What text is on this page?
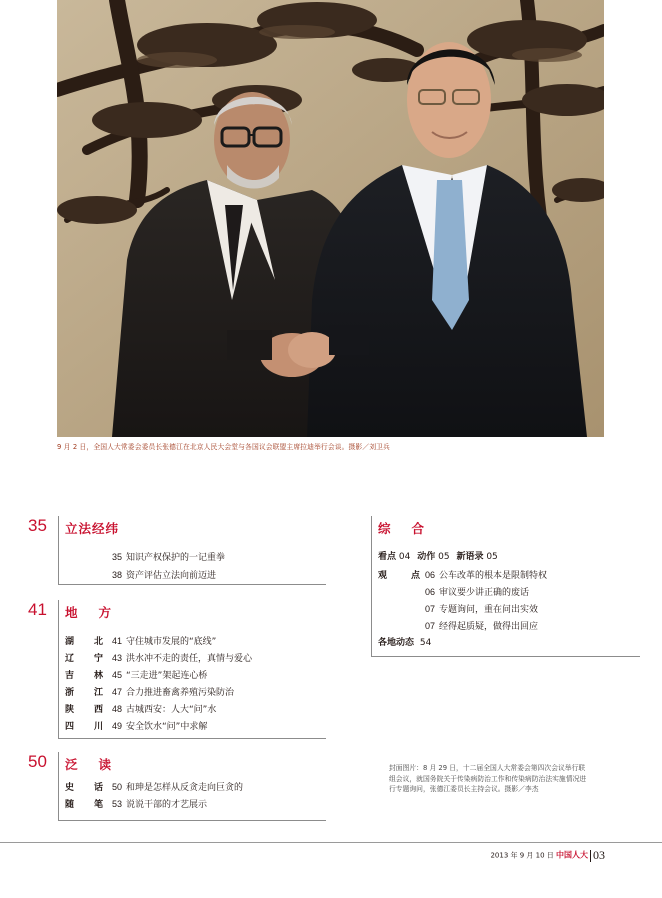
9 月 2 日，全国人大常委会委员长张德江在北京人民大会堂与各国议会联盟主席拉迪举行会谈。摄影／刘卫兵
35 立法经纬
35 知识产权保护的一记重拳
38 资产评估立法向前迈进
41 地方
湖北 41 守住城市发展的“底线”
辽宁 43 洪水冲不走的责任，真情与爱心
吉林 45 “三走进”架起连心桥
浙江 47 合力推进畜禽养殖污染防治
陕西 48 古城西安：人大“问”水
四川 49 安全饮水“问”中求解
50 泛读
史话 50 和珅是怎样从反贪走向巨贪的
随笔 53 说说干部的才艺展示
综合
看点 04 动作 05 新语录 05
观点 06 公车改革的根本是限制特权
06 审议要少讲正确的废话
07 专题询问，重在问出实效
07 经得起质疑，做得出回应
各地动态 54
封面图片：8 月 29 日，十二届全国人大常委会第四次会议举行联组会议，就国务院关于传染病防治工作和传染病防治法实施情况进行专题询问，张德江委员长主持会议。摄影／李杰
2013 年 9 月 10 日 中国人大 03
